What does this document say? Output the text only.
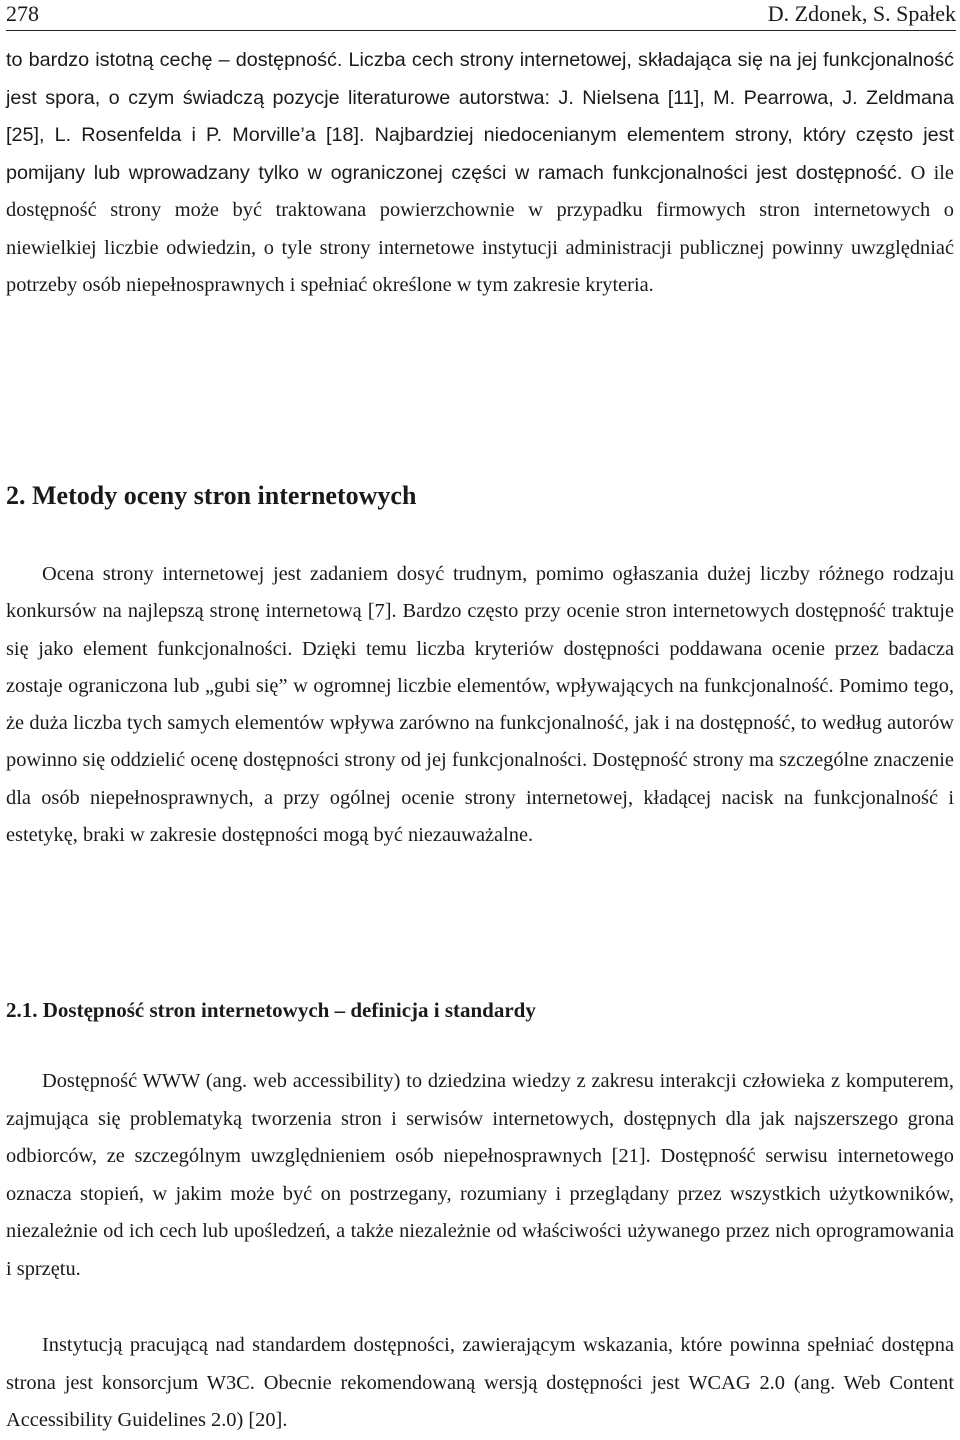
278	D. Zdonek, S. Spałek

to bardzo istotną cechę – dostępność. Liczba cech strony internetowej, składająca się na jej funkcjonalność jest spora, o czym świadczą pozycje literaturowe autorstwa: J. Nielsena [11], M. Pearrowa, J. Zeldmana [25], L. Rosenfelda i P. Morville’a [18]. Najbardziej niedocenianym elementem strony, który często jest pomijany lub wprowadzany tylko w ograniczonej części w ramach funkcjonalności jest dostępność. O ile dostępność strony może być traktowana powierzchownie w przypadku firmowych stron internetowych o niewielkiej liczbie odwiedzin, o tyle strony internetowe instytucji administracji publicznej powinny uwzględniać potrzeby osób niepełnosprawnych i spełniać określone w tym zakresie kryteria.

2. Metody oceny stron internetowych

Ocena strony internetowej jest zadaniem dosyć trudnym, pomimo ogłaszania dużej liczby różnego rodzaju konkursów na najlepszą stronę internetową [7]. Bardzo często przy ocenie stron internetowych dostępność traktuje się jako element funkcjonalności. Dzięki temu liczba kryteriów dostępności poddawana ocenie przez badacza zostaje ograniczona lub „gubi się” w ogromnej liczbie elementów, wpływających na funkcjonalność. Pomimo tego, że duża liczba tych samych elementów wpływa zarówno na funkcjonalność, jak i na dostępność, to według autorów powinno się oddzielić ocenę dostępności strony od jej funkcjonalności. Dostępność strony ma szczególne znaczenie dla osób niepełnosprawnych, a przy ogólnej ocenie strony internetowej, kładącej nacisk na funkcjonalność i estetykę, braki w zakresie dostępności mogą być niezauważalne.

2.1. Dostępność stron internetowych – definicja i standardy

Dostępność WWW (ang. web accessibility) to dziedzina wiedzy z zakresu interakcji człowieka z komputerem, zajmująca się problematyką tworzenia stron i serwisów internetowych, dostępnych dla jak najszerszego grona odbiorców, ze szczególnym uwzględnieniem osób niepełnosprawnych [21]. Dostępność serwisu internetowego oznacza stopień, w jakim może być on postrzegany, rozumiany i przeglądany przez wszystkich użytkowników, niezależnie od ich cech lub upośledzeń, a także niezależnie od właściwości używanego przez nich oprogramowania i sprzętu.

Instytucją pracującą nad standardem dostępności, zawierającym wskazania, które powinna spełniać dostępna strona jest konsorcjum W3C. Obecnie rekomendowaną wersją dostępności jest WCAG 2.0 (ang. Web Content Accessibility Guidelines 2.0) [20].
